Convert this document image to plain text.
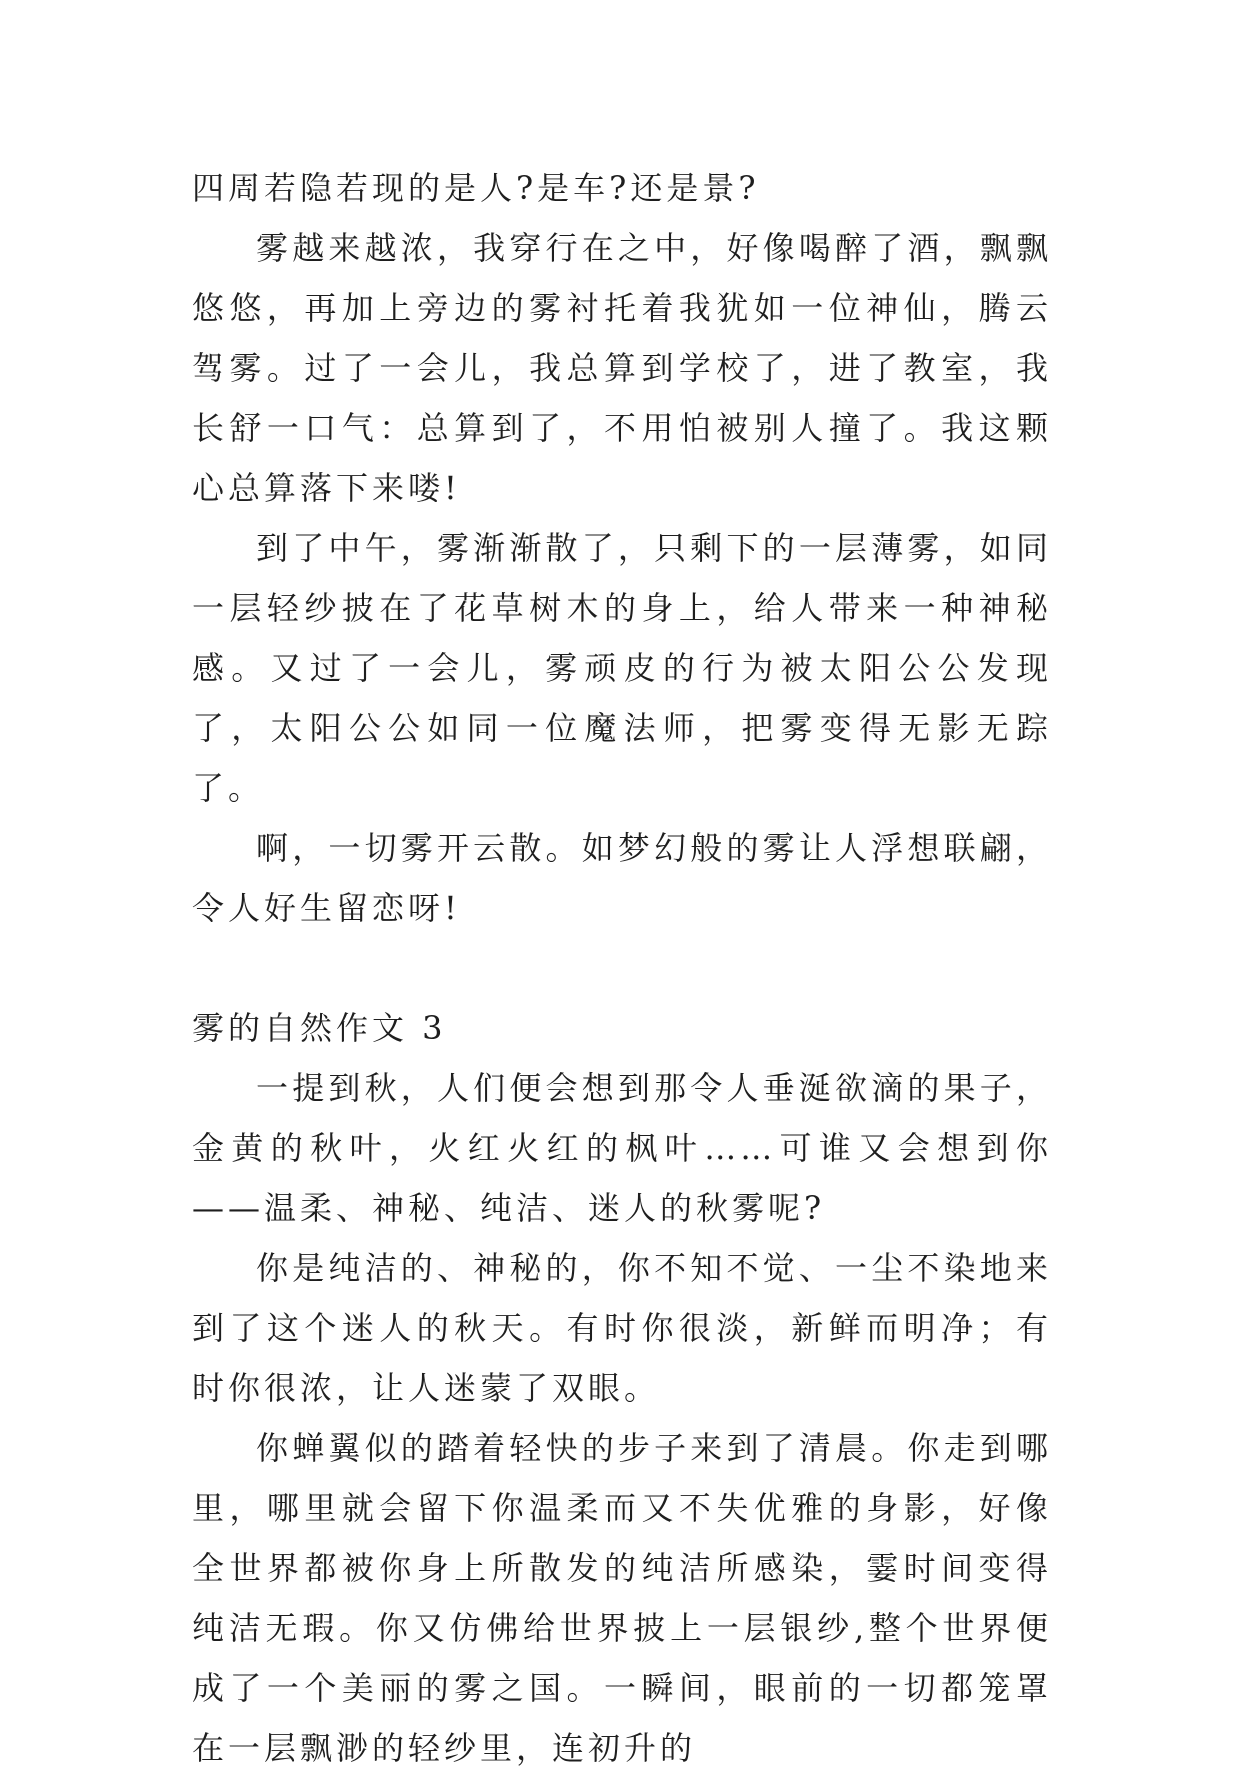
四周若隐若现的是人?是车?还是景?

雾越来越浓，我穿行在之中，好像喝醉了酒，飘飘悠悠，再加上旁边的雾衬托着我犹如一位神仙，腾云驾雾。过了一会儿，我总算到学校了，进了教室，我长舒一口气：总算到了，不用怕被别人撞了。我这颗心总算落下来喽!

到了中午，雾渐渐散了，只剩下的一层薄雾，如同一层轻纱披在了花草树木的身上，给人带来一种神秘感。又过了一会儿，雾顽皮的行为被太阳公公发现了，太阳公公如同一位魔法师，把雾变得无影无踪了。

啊，一切雾开云散。如梦幻般的雾让人浮想联翩，令人好生留恋呀!

雾的自然作文 3

一提到秋，人们便会想到那令人垂涎欲滴的果子，金黄的秋叶，火红火红的枫叶……可谁又会想到你——温柔、神秘、纯洁、迷人的秋雾呢?

你是纯洁的、神秘的，你不知不觉、一尘不染地来到了这个迷人的秋天。有时你很淡，新鲜而明净；有时你很浓，让人迷蒙了双眼。

你蝉翼似的踏着轻快的步子来到了清晨。你走到哪里，哪里就会留下你温柔而又不失优雅的身影，好像全世界都被你身上所散发的纯洁所感染，霎时间变得纯洁无瑕。你又仿佛给世界披上一层银纱,整个世界便成了一个美丽的雾之国。一瞬间，眼前的一切都笼罩在一层飘渺的轻纱里，连初升的
